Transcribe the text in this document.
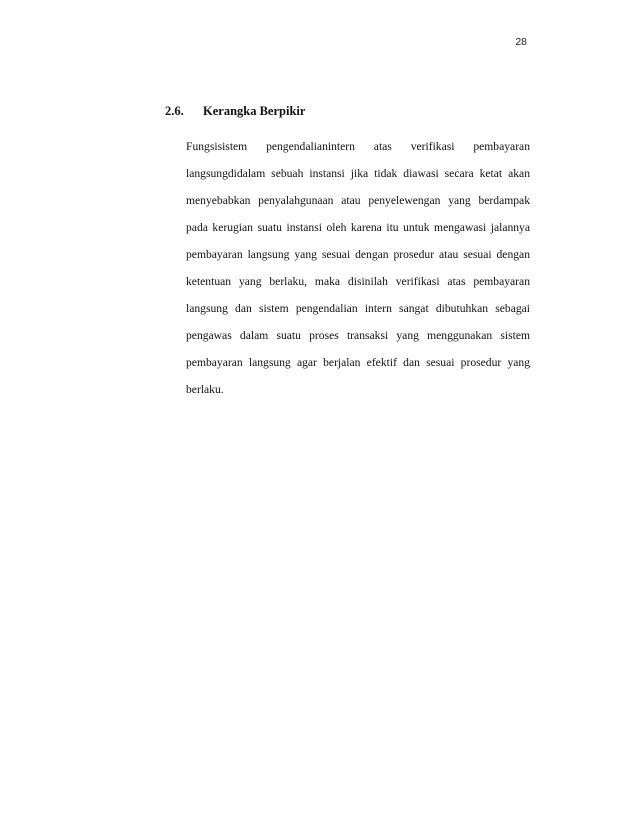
28
2.6. Kerangka Berpikir
Fungsisistem pengendalianintern atas verifikasi pembayaran
langsungdidalam sebuah instansi jika tidak diawasi secara ketat akan
menyebabkan penyalahgunaan atau penyelewengan yang berdampak
pada kerugian suatu instansi oleh karena itu untuk mengawasi jalannya
pembayaran langsung yang sesuai dengan prosedur atau sesuai dengan
ketentuan yang berlaku, maka disinilah verifikasi atas pembayaran
langsung dan sistem pengendalian intern sangat dibutuhkan sebagai
pengawas dalam suatu proses transaksi yang menggunakan sistem
pembayaran langsung agar berjalan efektif dan sesuai prosedur yang
berlaku.
